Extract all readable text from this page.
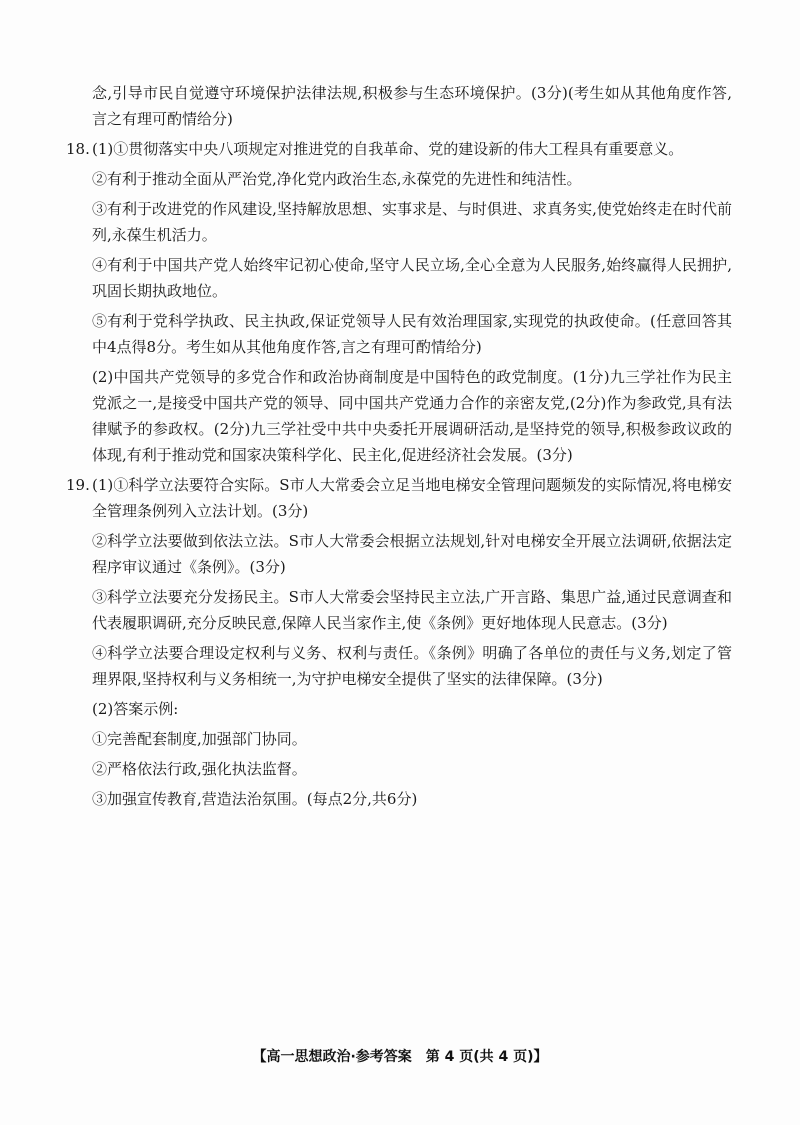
念,引导市民自觉遵守环境保护法律法规,积极参与生态环境保护。(3分)(考生如从其他角度作答,言之有理可酌情给分)

18. (1)①贯彻落实中央八项规定对推进党的自我革命、党的建设新的伟大工程具有重要意义。

②有利于推动全面从严治党,净化党内政治生态,永葆党的先进性和纯洁性。

③有利于改进党的作风建设,坚持解放思想、实事求是、与时俱进、求真务实,使党始终走在时代前列,永葆生机活力。

④有利于中国共产党人始终牢记初心使命,坚守人民立场,全心全意为人民服务,始终赢得人民拥护,巩固长期执政地位。

⑤有利于党科学执政、民主执政,保证党领导人民有效治理国家,实现党的执政使命。(任意回答其中4点得8分。考生如从其他角度作答,言之有理可酌情给分)

(2)中国共产党领导的多党合作和政治协商制度是中国特色的政党制度。(1分)九三学社作为民主党派之一,是接受中国共产党的领导、同中国共产党通力合作的亲密友党,(2分)作为参政党,具有法律赋予的参政权。(2分)九三学社受中共中央委托开展调研活动,是坚持党的领导,积极参政议政的体现,有利于推动党和国家决策科学化、民主化,促进经济社会发展。(3分)

19. (1)①科学立法要符合实际。S市人大常委会立足当地电梯安全管理问题频发的实际情况,将电梯安全管理条例列入立法计划。(3分)

②科学立法要做到依法立法。S市人大常委会根据立法规划,针对电梯安全开展立法调研,依据法定程序审议通过《条例》。(3分)

③科学立法要充分发扬民主。S市人大常委会坚持民主立法,广开言路、集思广益,通过民意调查和代表履职调研,充分反映民意,保障人民当家作主,使《条例》更好地体现人民意志。(3分)

④科学立法要合理设定权利与义务、权利与责任。《条例》明确了各单位的责任与义务,划定了管理界限,坚持权利与义务相统一,为守护电梯安全提供了坚实的法律保障。(3分)

(2)答案示例:

①完善配套制度,加强部门协同。

②严格依法行政,强化执法监督。

③加强宣传教育,营造法治氛围。(每点2分,共6分)

【高一思想政治·参考答案　第 4 页(共 4 页)】
